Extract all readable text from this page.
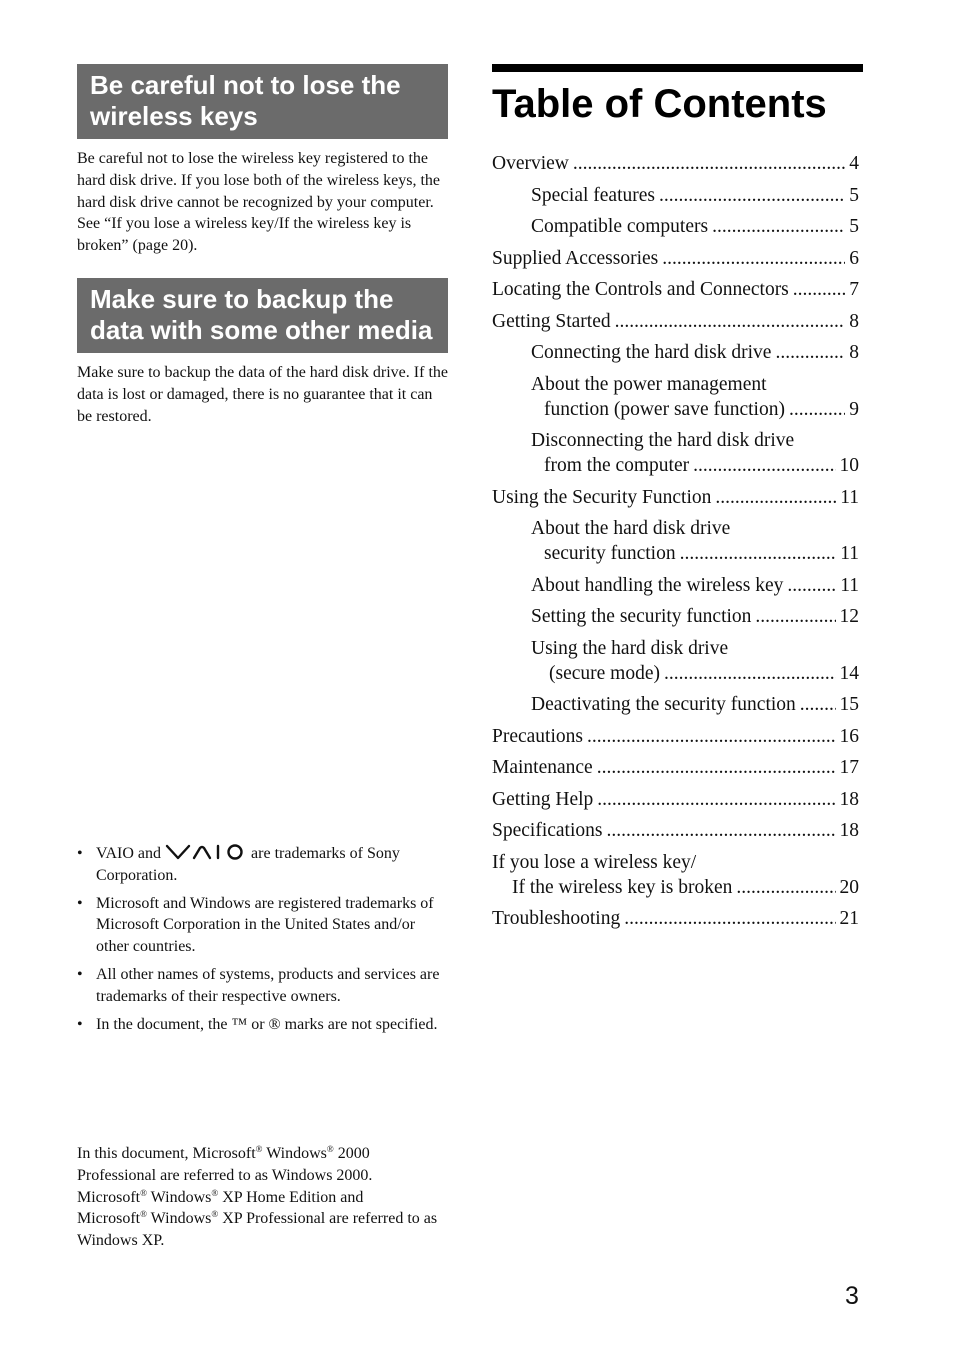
Be careful not to lose the wireless keys

Be careful not to lose the wireless key registered to the hard disk drive. If you lose both of the wireless keys, the hard disk drive cannot be recognized by your computer. See “If you lose a wireless key/If the wireless key is broken” (page 20).

Make sure to backup the data with some other media

Make sure to backup the data of the hard disk drive. If the data is lost or damaged, there is no guarantee that it can be restored.

• VAIO and	are trademarks of Sony Corporation.
• Microsoft and Windows are registered trademarks of Microsoft Corporation in the United States and/or other countries.
• All other names of systems, products and services are trademarks of their respective owners.
• In the document, the ™ or ® marks are not specified.

In this document, Microsoft® Windows® 2000 Professional are referred to as Windows 2000.
Microsoft® Windows® XP Home Edition and
Microsoft® Windows® XP Professional are referred to as Windows XP.

Table of Contents
Overview .....	4
Special features .....	5
Compatible computers .....	5
Supplied Accessories .....	6
Locating the Controls and Connectors .....	7
Getting Started .....	8
Connecting the hard disk drive .....	8
About the power management
function (power save function) .....	9
Disconnecting the hard disk drive
from the computer .....	10
Using the Security Function .....	11
About the hard disk drive
security function .....	11
About handling the wireless key .....	11
Setting the security function .....	12
Using the hard disk drive
(secure mode) .....	14
Deactivating the security function ..... 15
Precautions .....	16
Maintenance .....	17
Getting Help .....	18
Specifications .....	18
If you lose a wireless key/
If the wireless key is broken .....	20
Troubleshooting .....	21
3
